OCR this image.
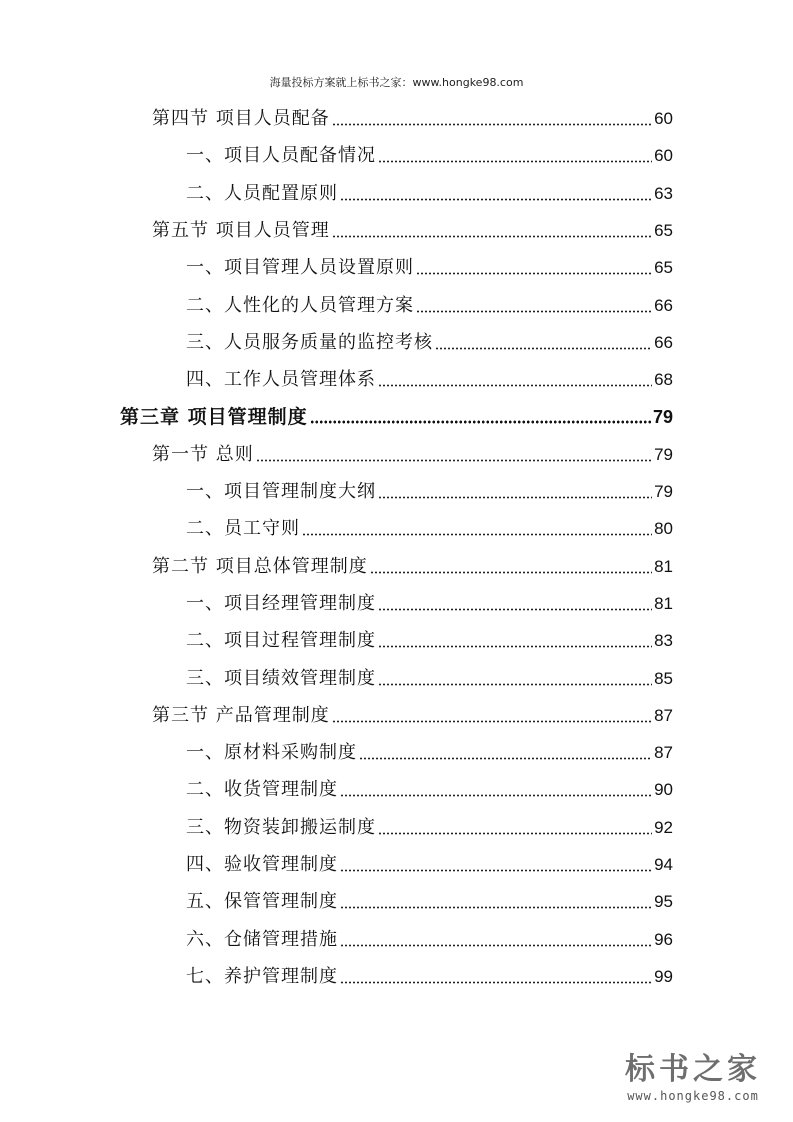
海量投标方案就上标书之家：www.hongke98.com
第四节 项目人员配备	60
一、项目人员配备情况	60
二、人员配置原则	63
第五节 项目人员管理	65
一、项目管理人员设置原则	65
二、人性化的人员管理方案	66
三、人员服务质量的监控考核	66
四、工作人员管理体系	68
第三章 项目管理制度	79
第一节 总则	79
一、项目管理制度大纲	79
二、员工守则	80
第二节 项目总体管理制度	81
一、项目经理管理制度	81
二、项目过程管理制度	83
三、项目绩效管理制度	85
第三节 产品管理制度	87
一、原材料采购制度	87
二、收货管理制度	90
三、物资装卸搬运制度	92
四、验收管理制度	94
五、保管管理制度	95
六、仓储管理措施	96
七、养护管理制度	99
标书之家
www.hongke98.com
